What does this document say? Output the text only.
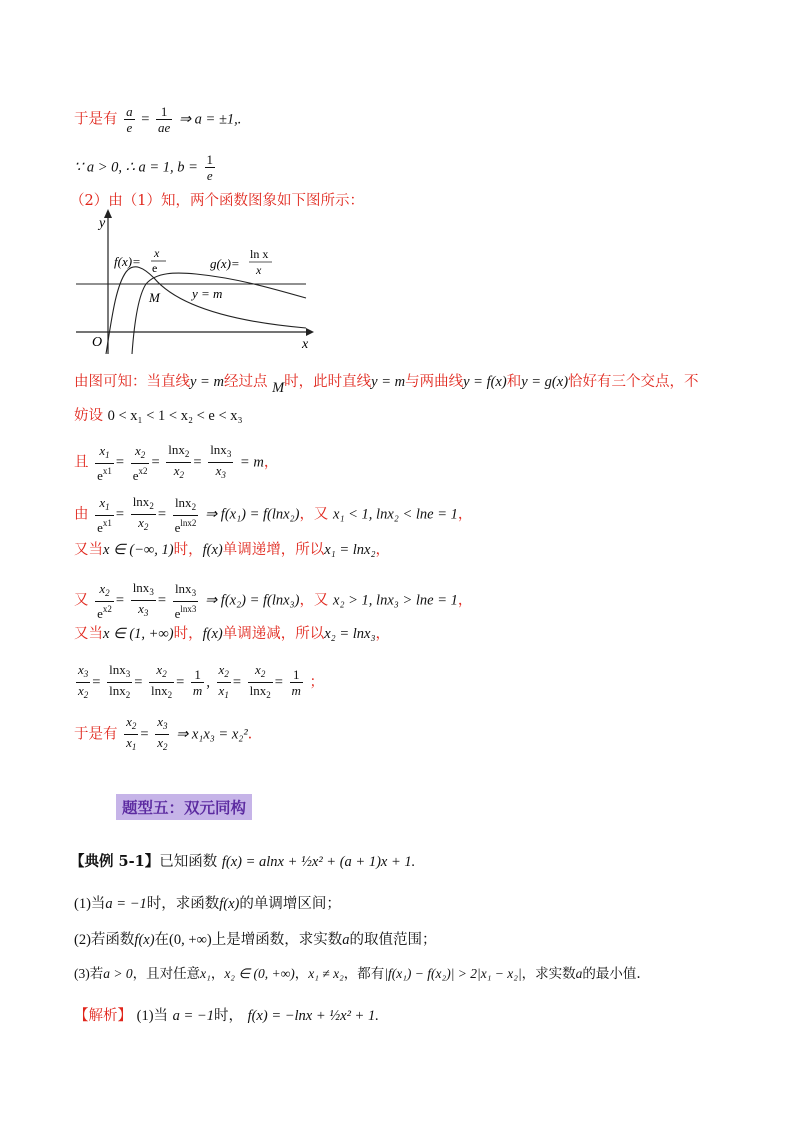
于是有 $\frac{a}{e} = \frac{1}{ae}$ ⇒ a = ±1,.
∵ a > 0, ∴ a = 1, $b = \frac{1}{e}$
（2）由（1）知，两个函数图象如下图所示：
y
x
O
M y = m
f(x)=
x
e	g(x)=
ln x
x
由图可知：当直线y = m经过点 M时，此时直线y = m与两曲线y = f(x)和y = g(x)恰好有三个交点，不
妨设 0 < x₁ < 1 < x₂ < e < x₃
且 $\frac{x_1}{e^{x1}} = \frac{x_2}{e^{x2}} = \frac{\ln x_2}{x_2} = \frac{\ln x_3}{x_3} = m$，
由 $\frac{x_1}{e^{x1}} = \frac{\ln x_2}{x_2} = \frac{\ln x_2}{e^{lnx2}}$ ⇒ f(x₁) = f(lnx₂)，又 x₁ < 1, lnx₂ < lne = 1，
又当x ∈ (−∞, 1)时，f(x)单调递增，所以x₁ = lnx₂，
又 $\frac{x_2}{e^{x2}} = \frac{\ln x_3}{x_3} = \frac{\ln x_3}{e^{lnx3}}$ ⇒ f(x₂) = f(lnx₃)，又 x₂ > 1, lnx₃ > lne = 1，
又当x ∈ (1, +∞)时，f(x)单调递减，所以x₂ = lnx₃，
$\frac{x_3}{x_2} = \frac{\ln x_3}{\ln x_2} = \frac{x_2}{\ln x_2} = \frac{1}{m}$ , $\frac{x_2}{x_1} = \frac{x_2}{\ln x_2} = \frac{1}{m}$ ；
于是有 $\frac{x_2}{x_1} = \frac{x_3}{x_2}$ ⇒ x₁x₃ = x₂².
题型五：双元同构
【典例 5-1】已知函数 f(x) = alnx + ½x² + (a + 1)x + 1.
(1)当a = −1时，求函数f(x)的单调增区间；
(2)若函数f(x)在(0, +∞)上是增函数，求实数a的取值范围；
(3)若a > 0，且对任意x₁，x₂ ∈ (0, +∞)，x₁ ≠ x₂，都有|f(x₁) − f(x₂)| > 2|x₁ − x₂|，求实数a的最小值.
【解析】 (1)当 a = −1时， f(x) = −lnx + ½x² + 1.
